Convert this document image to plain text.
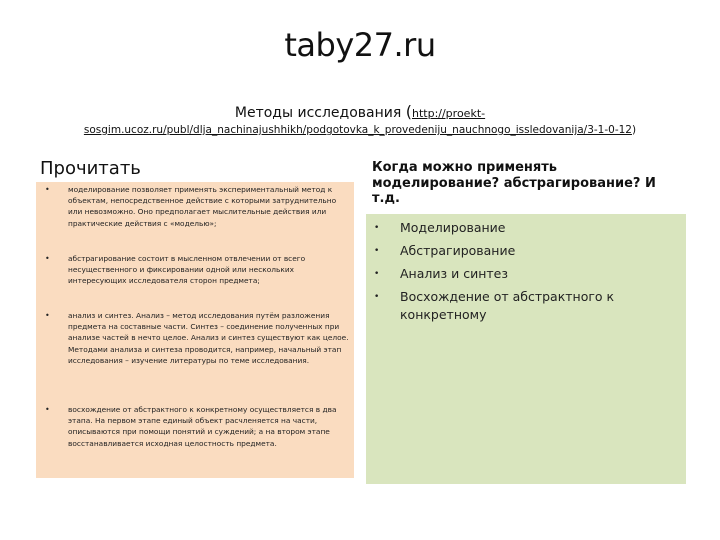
taby27.ru
Методы исследования (http://proekt-
sosgim.ucoz.ru/publ/dlja_nachinajushhikh/podgotovka_k_provedeniju_nauchnogo_issledovanija/3-1-0-12)
Прочитать
• моделирование позволяет применять экспериментальный метод к объектам, непосредственное действие с которыми затруднительно или невозможно. Оно предполагает мыслительные действия или практические действия с «моделью»;
• абстрагирование состоит в мысленном отвлечении от всего несущественного и фиксировании одной или нескольких интересующих исследователя сторон предмета;
• анализ и синтез. Анализ – метод исследования путём разложения предмета на составные части. Синтез – соединение полученных при анализе частей в нечто целое. Анализ и синтез существуют как целое. Методами анализа и синтеза проводится, например, начальный этап исследования – изучение литературы по теме исследования.
• восхождение от абстрактного к конкретному осуществляется в два этапа. На первом этапе единый объект расчленяется на части, описываются при помощи понятий и суждений; а на втором этапе восстанавливается исходная целостность предмета.
Когда можно применять моделирование? абстрагирование? И т.д.
• Моделирование
• Абстрагирование
• Анализ и синтез
• Восхождение от абстрактного к конкретному
